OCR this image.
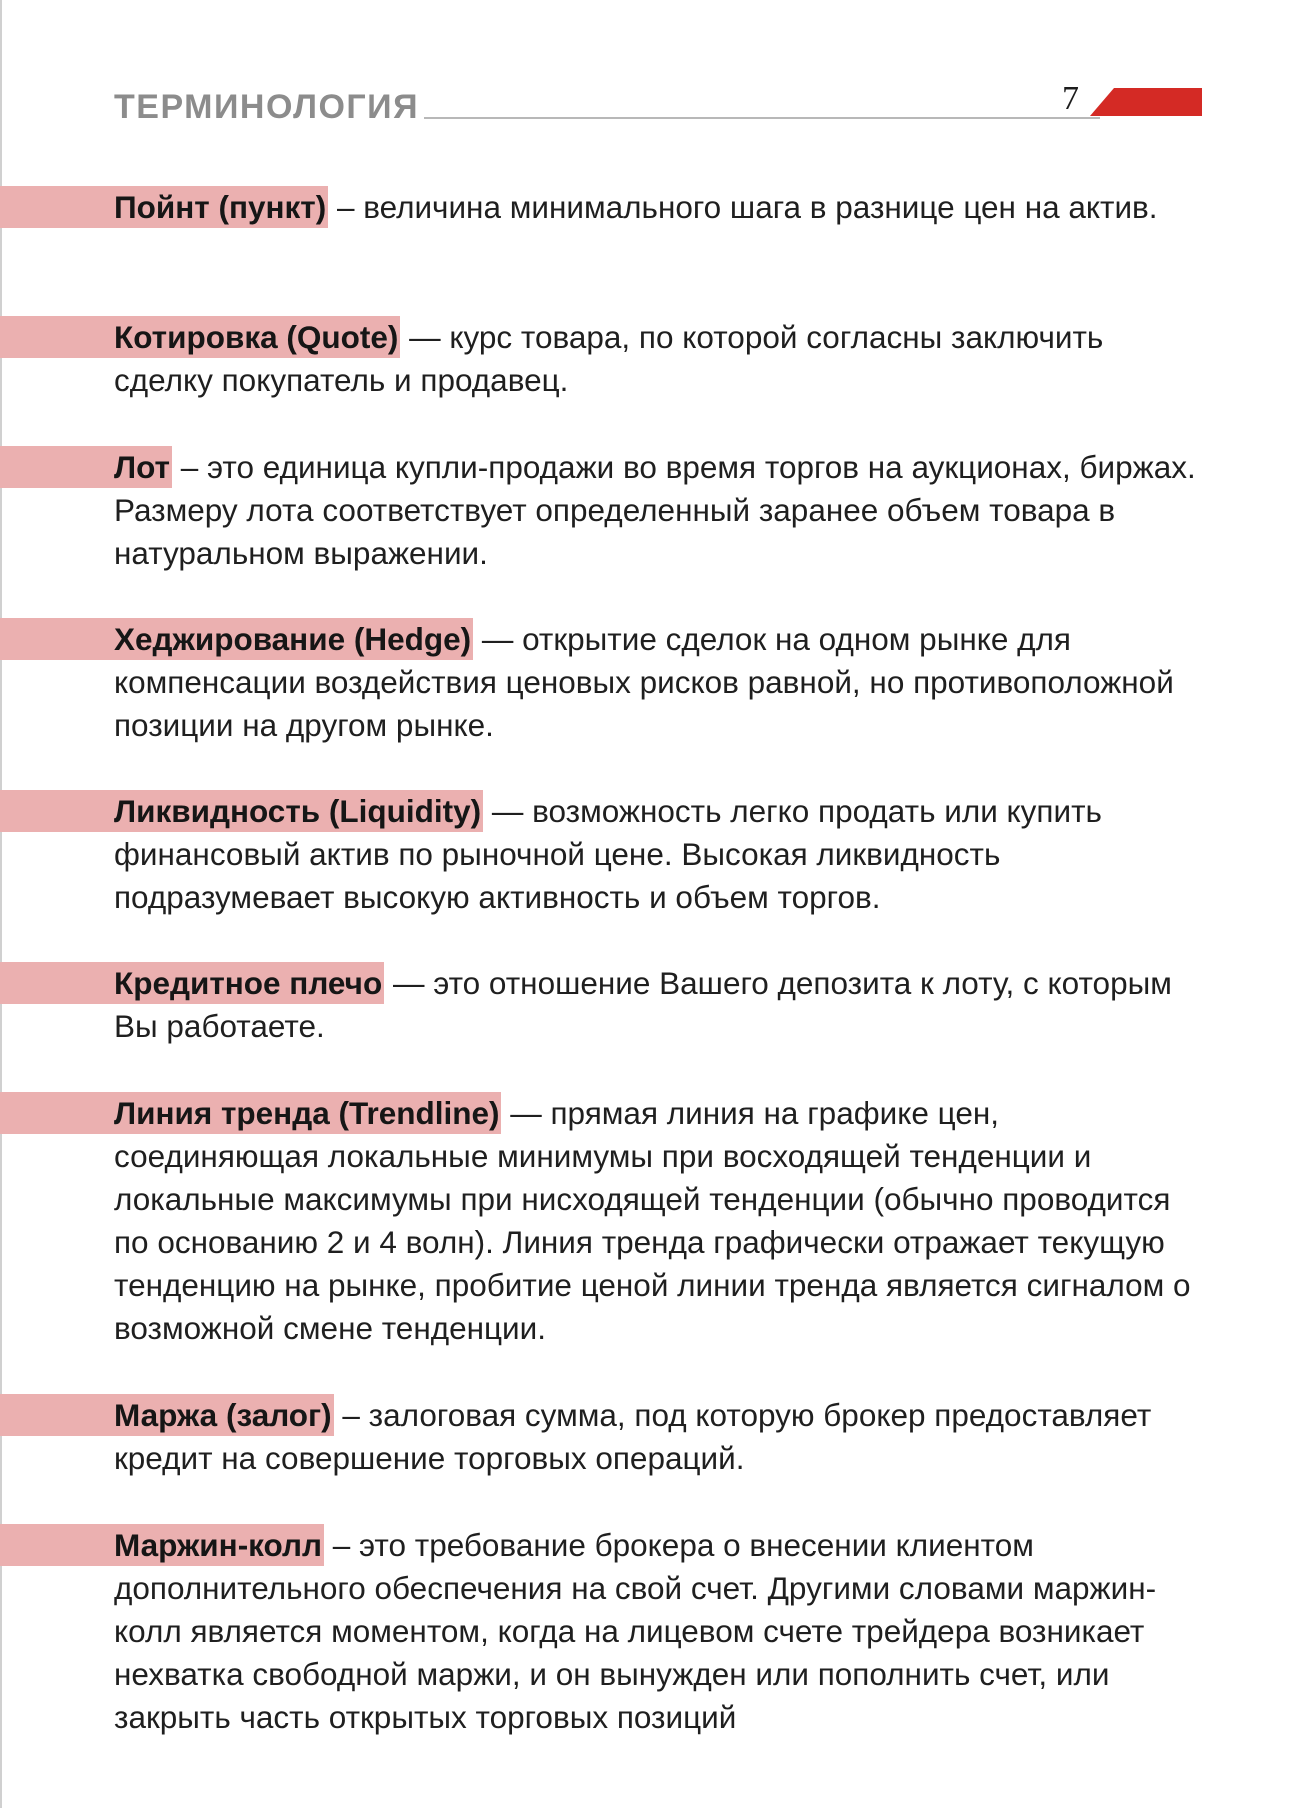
ТЕРМИНОЛОГИЯ	7

Пойнт (пункт) – величина минимального шага в разнице цен на актив.

Котировка (Quote) — курс товара, по которой согласны заключить сделку покупатель и продавец.

Лот – это единица купли-продажи во время торгов на аукционах, биржах. Размеру лота соответствует определенный заранее объем товара в натуральном выражении.

Хеджирование (Hedge) — открытие сделок на одном рынке для компенсации воздействия ценовых рисков равной, но противоположной позиции на другом рынке.

Ликвидность (Liquidity) — возможность легко продать или купить финансовый актив по рыночной цене. Высокая ликвидность подразумевает высокую активность и объем торгов.

Кредитное плечо — это отношение Вашего депозита к лоту, с которым Вы работаете.

Линия тренда (Trendline) — прямая линия на графике цен, соединяющая локальные минимумы при восходящей тенденции и локальные максимумы при нисходящей тенденции (обычно проводится по основанию 2 и 4 волн). Линия тренда графически отражает текущую тенденцию на рынке, пробитие ценой линии тренда является сигналом о возможной смене тенденции.

Маржа (залог) – залоговая сумма, под которую брокер предоставляет кредит на совершение торговых операций.

Маржин-колл – это требование брокера о внесении клиентом дополнительного обеспечения на свой счет. Другими словами маржин-колл является моментом, когда на лицевом счете трейдера возникает нехватка свободной маржи, и он вынужден или пополнить счет, или закрыть часть открытых торговых позиций
